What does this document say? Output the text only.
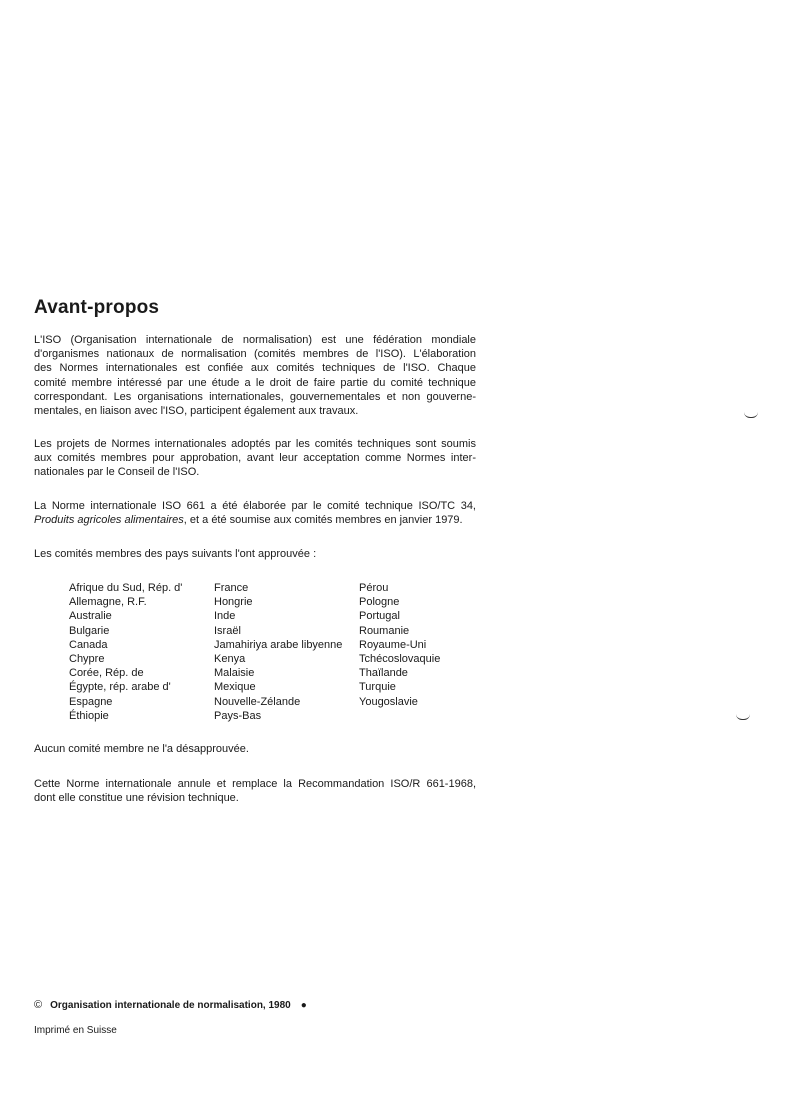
Avant-propos

L'ISO (Organisation internationale de normalisation) est une fédération mondiale
d'organismes nationaux de normalisation (comités membres de l'ISO). L'élaboration
des Normes internationales est confiée aux comités techniques de l'ISO. Chaque
comité membre intéressé par une étude a le droit de faire partie du comité technique
correspondant. Les organisations internationales, gouvernementales et non gouverne-
mentales, en liaison avec l'ISO, participent également aux travaux.

Les projets de Normes internationales adoptés par les comités techniques sont soumis
aux comités membres pour approbation, avant leur acceptation comme Normes inter-
nationales par le Conseil de l'ISO.

La Norme internationale ISO 661 a été élaborée par le comité technique ISO/TC 34,
Produits agricoles alimentaires, et a été soumise aux comités membres en janvier 1979.

Les comités membres des pays suivants l'ont approuvée :

Afrique du Sud, Rép. d'
Allemagne, R.F.
Australie
Bulgarie
Canada
Chypre
Corée, Rép. de
Égypte, rép. arabe d'
Espagne
Éthiopie
France
Hongrie
Inde
Israël
Jamahiriya arabe libyenne
Kenya
Malaisie
Mexique
Nouvelle-Zélande
Pays-Bas
Pérou
Pologne
Portugal
Roumanie
Royaume-Uni
Tchécoslovaquie
Thaïlande
Turquie
Yougoslavie

Aucun comité membre ne l'a désapprouvée.

Cette Norme internationale annule et remplace la Recommandation ISO/R 661-1968,
dont elle constitue une révision technique.

© Organisation internationale de normalisation, 1980 ●
Imprimé en Suisse
